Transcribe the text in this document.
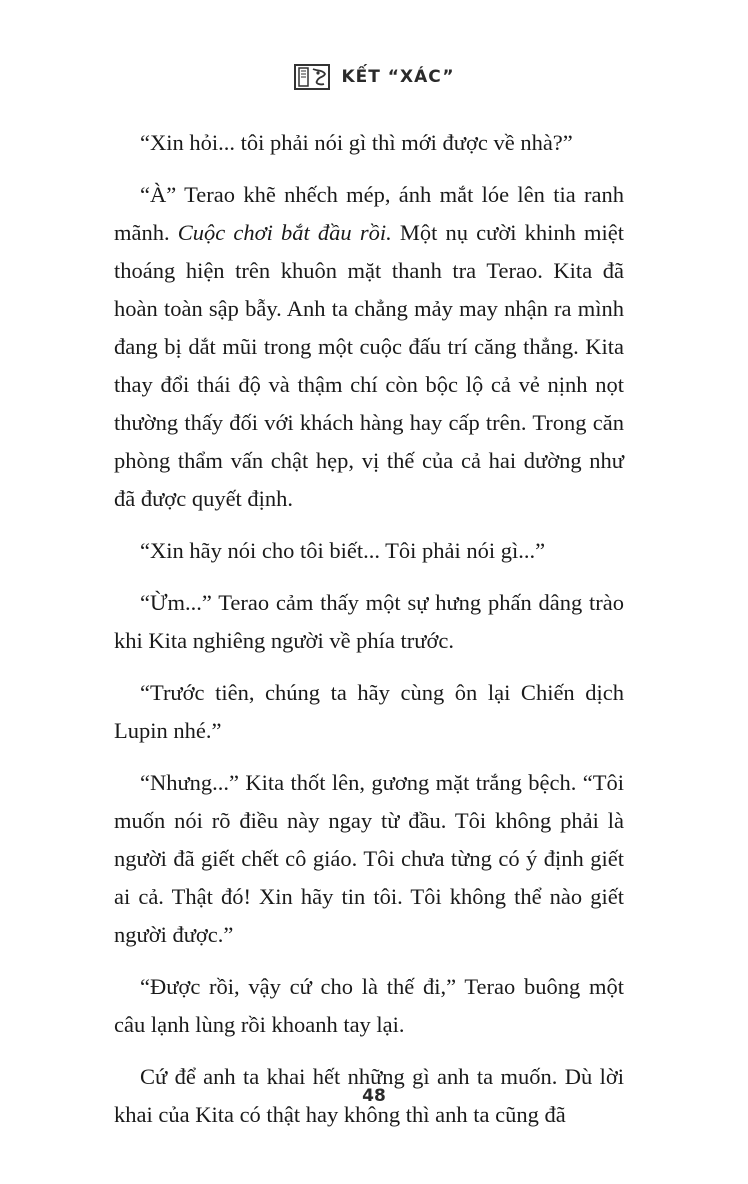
KẾT “XÁC”

“Xin hỏi... tôi phải nói gì thì mới được về nhà?”

“À” Terao khẽ nhếch mép, ánh mắt lóe lên tia ranh mãnh. Cuộc chơi bắt đầu rồi. Một nụ cười khinh miệt thoáng hiện trên khuôn mặt thanh tra Terao. Kita đã hoàn toàn sập bẫy. Anh ta chẳng mảy may nhận ra mình đang bị dắt mũi trong một cuộc đấu trí căng thẳng. Kita thay đổi thái độ và thậm chí còn bộc lộ cả vẻ nịnh nọt thường thấy đối với khách hàng hay cấp trên. Trong căn phòng thẩm vấn chật hẹp, vị thế của cả hai dường như đã được quyết định.

“Xin hãy nói cho tôi biết... Tôi phải nói gì...”

“Ừm...” Terao cảm thấy một sự hưng phấn dâng trào khi Kita nghiêng người về phía trước.

“Trước tiên, chúng ta hãy cùng ôn lại Chiến dịch Lupin nhé.”

“Nhưng...” Kita thốt lên, gương mặt trắng bệch. “Tôi muốn nói rõ điều này ngay từ đầu. Tôi không phải là người đã giết chết cô giáo. Tôi chưa từng có ý định giết ai cả. Thật đó! Xin hãy tin tôi. Tôi không thể nào giết người được.”

“Được rồi, vậy cứ cho là thế đi,” Terao buông một câu lạnh lùng rồi khoanh tay lại.

Cứ để anh ta khai hết những gì anh ta muốn. Dù lời khai của Kita có thật hay không thì anh ta cũng đã

48
